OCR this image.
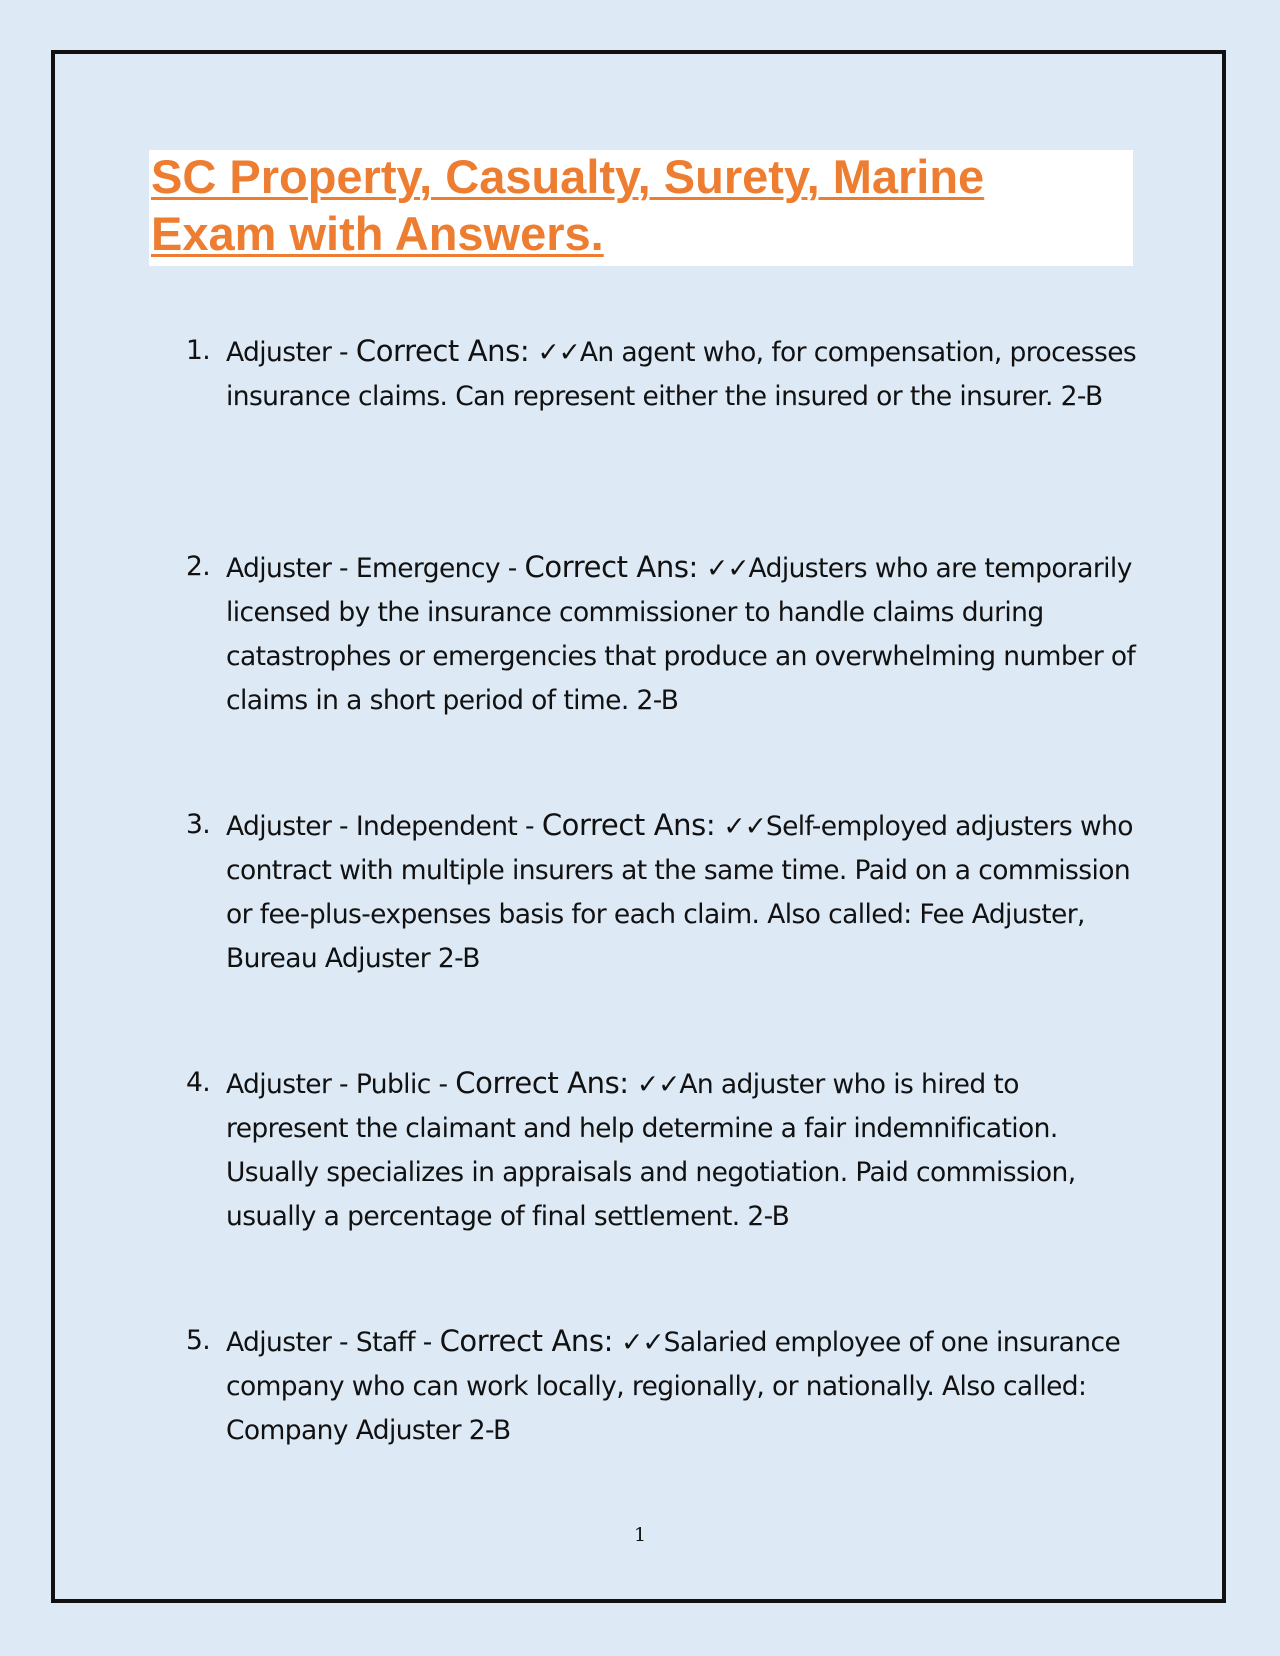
SC Property, Casualty, Surety, Marine
Exam with Answers.
1. Adjuster - Correct Ans: ✓✓An agent who, for compensation, processes insurance claims. Can represent either the insured or the insurer. 2-B
2. Adjuster - Emergency - Correct Ans: ✓✓Adjusters who are temporarily licensed by the insurance commissioner to handle claims during catastrophes or emergencies that produce an overwhelming number of claims in a short period of time. 2-B
3. Adjuster - Independent - Correct Ans: ✓✓Self-employed adjusters who contract with multiple insurers at the same time. Paid on a commission or fee-plus-expenses basis for each claim. Also called: Fee Adjuster, Bureau Adjuster 2-B
4. Adjuster - Public - Correct Ans: ✓✓An adjuster who is hired to represent the claimant and help determine a fair indemnification. Usually specializes in appraisals and negotiation. Paid commission, usually a percentage of final settlement. 2-B
5. Adjuster - Staff - Correct Ans: ✓✓Salaried employee of one insurance company who can work locally, regionally, or nationally. Also called: Company Adjuster 2-B
1
